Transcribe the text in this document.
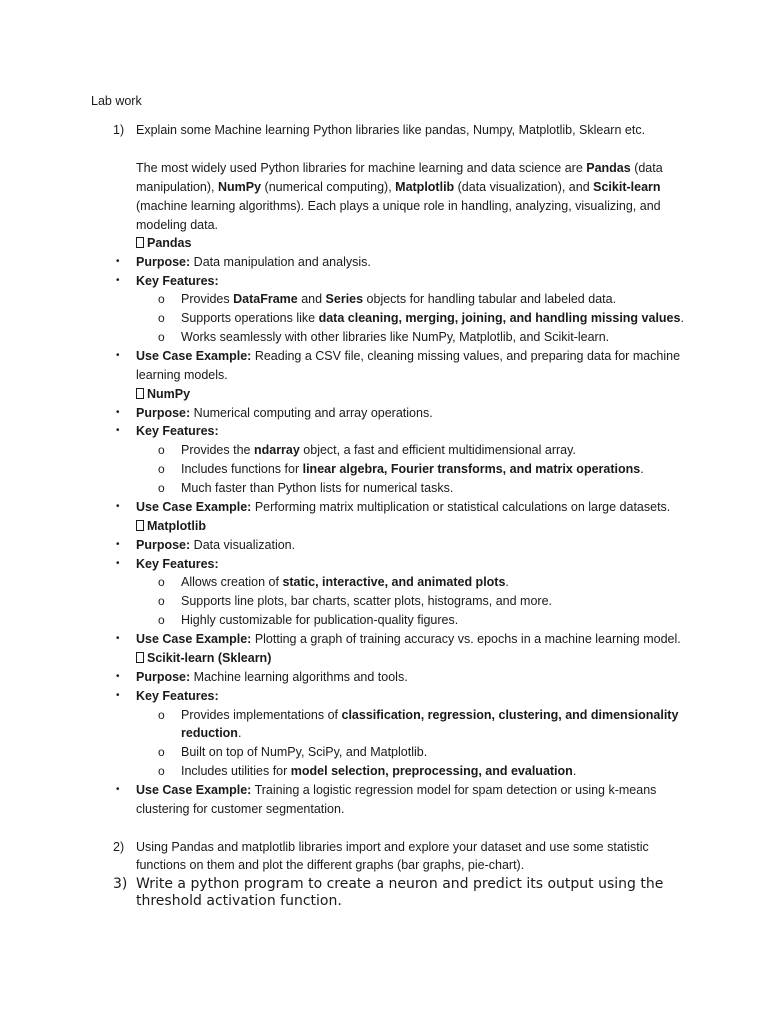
Lab work
1) Explain some Machine learning Python libraries like pandas, Numpy, Matplotlib, Sklearn etc.
The most widely used Python libraries for machine learning and data science are Pandas (data
manipulation), NumPy (numerical computing), Matplotlib (data visualization), and Scikit-learn
(machine learning algorithms). Each plays a unique role in handling, analyzing, visualizing, and
modeling data.
Pandas
• Purpose: Data manipulation and analysis.
• Key Features:
o Provides DataFrame and Series objects for handling tabular and labeled data.
o Supports operations like data cleaning, merging, joining, and handling missing values.
o Works seamlessly with other libraries like NumPy, Matplotlib, and Scikit-learn.
• Use Case Example: Reading a CSV file, cleaning missing values, and preparing data for machine
learning models.
NumPy
• Purpose: Numerical computing and array operations.
• Key Features:
o Provides the ndarray object, a fast and efficient multidimensional array.
o Includes functions for linear algebra, Fourier transforms, and matrix operations.
o Much faster than Python lists for numerical tasks.
• Use Case Example: Performing matrix multiplication or statistical calculations on large datasets.
Matplotlib
• Purpose: Data visualization.
• Key Features:
o Allows creation of static, interactive, and animated plots.
o Supports line plots, bar charts, scatter plots, histograms, and more.
o Highly customizable for publication-quality figures.
• Use Case Example: Plotting a graph of training accuracy vs. epochs in a machine learning model.
Scikit-learn (Sklearn)
• Purpose: Machine learning algorithms and tools.
• Key Features:
o Provides implementations of classification, regression, clustering, and dimensionality
reduction.
o Built on top of NumPy, SciPy, and Matplotlib.
o Includes utilities for model selection, preprocessing, and evaluation.
• Use Case Example: Training a logistic regression model for spam detection or using k-means
clustering for customer segmentation.
2) Using Pandas and matplotlib libraries import and explore your dataset and use some statistic
functions on them and plot the different graphs (bar graphs, pie-chart).
3) Write a python program to create a neuron and predict its output using the
threshold activation function.
